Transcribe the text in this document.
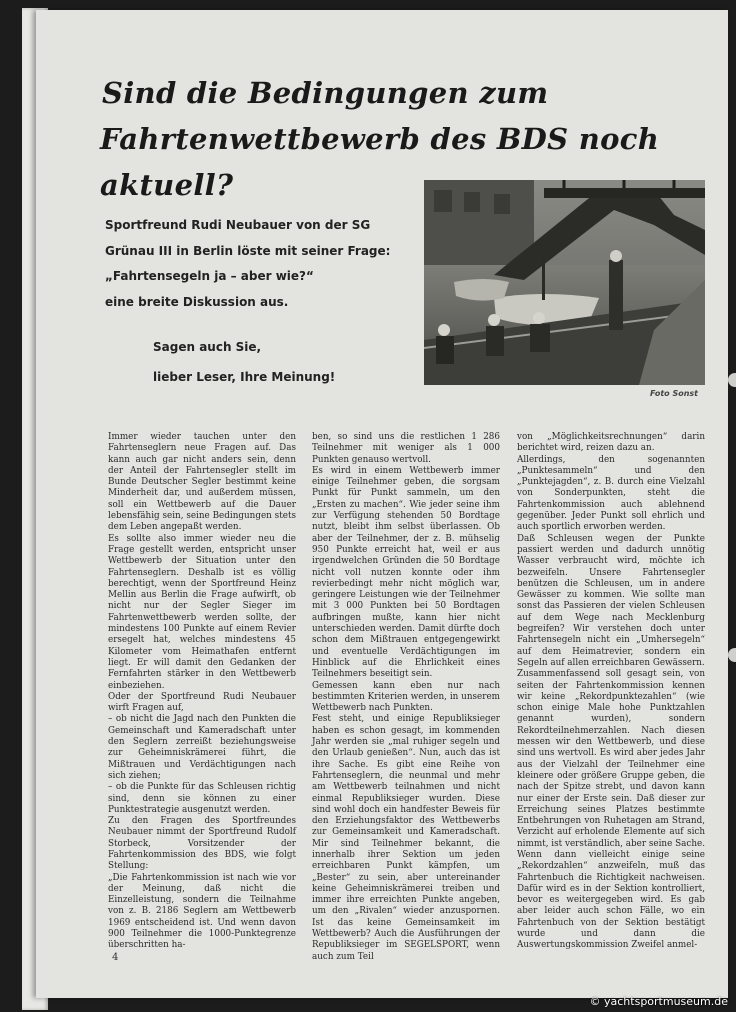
Sind die Bedingungen zum
Fahrtenwettbewerb des BDS noch aktuell?

Sportfreund Rudi Neubauer von der SG

Grünau III in Berlin löste mit seiner Frage:

„Fahrtensegeln ja – aber wie?“

eine breite Diskussion aus.

Sagen auch Sie,

lieber Leser, Ihre Meinung!

Foto Sonst

Immer wieder tauchen unter den Fahrtenseglern neue Fragen auf. Das kann auch gar nicht anders sein, denn der Anteil der Fahrtensegler stellt im Bunde Deutscher Segler bestimmt keine Minderheit dar, und außerdem müssen, soll ein Wettbewerb auf die Dauer lebensfähig sein, seine Bedingungen stets dem Leben angepaßt werden.

Es sollte also immer wieder neu die Frage gestellt werden, entspricht unser Wettbewerb der Situation unter den Fahrtenseglern. Deshalb ist es völlig berechtigt, wenn der Sportfreund Heinz Mellin aus Berlin die Frage aufwirft, ob nicht nur der Segler Sieger im Fahrtenwettbewerb werden sollte, der mindestens 100 Punkte auf einem Revier ersegelt hat, welches mindestens 45 Kilometer vom Heimathafen entfernt liegt. Er will damit den Gedanken der Fernfahrten stärker in den Wettbewerb einbeziehen.

Oder der Sportfreund Rudi Neubauer wirft Fragen auf,

– ob nicht die Jagd nach den Punkten die Gemeinschaft und Kameradschaft unter den Seglern zerreißt beziehungsweise zur Geheimniskrämerei führt, die Mißtrauen und Verdächtigungen nach sich ziehen;

– ob die Punkte für das Schleusen richtig sind, denn sie können zu einer Punktestrategie ausgenutzt werden.

Zu den Fragen des Sportfreundes Neubauer nimmt der Sportfreund Rudolf Storbeck, Vorsitzender der Fahrtenkommission des BDS, wie folgt Stellung:

„Die Fahrtenkommission ist nach wie vor der Meinung, daß nicht die Einzelleistung, sondern die Teilnahme von z. B. 2186 Seglern am Wettbewerb 1969 entscheidend ist. Und wenn davon 900 Teilnehmer die 1000-Punktegrenze überschritten ha-

ben, so sind uns die restlichen 1 286 Teilnehmer mit weniger als 1 000 Punkten genauso wertvoll.

Es wird in einem Wettbewerb immer einige Teilnehmer geben, die sorgsam Punkt für Punkt sammeln, um den „Ersten zu machen“. Wie jeder seine ihm zur Verfügung stehenden 50 Bordtage nutzt, bleibt ihm selbst überlassen. Ob aber der Teilnehmer, der z. B. mühselig 950 Punkte erreicht hat, weil er aus irgendwelchen Gründen die 50 Bordtage nicht voll nutzen konnte oder ihm revierbedingt mehr nicht möglich war, geringere Leistungen wie der Teilnehmer mit 3 000 Punkten bei 50 Bordtagen aufbringen mußte, kann hier nicht unterschieden werden. Damit dürfte doch schon dem Mißtrauen entgegengewirkt und eventuelle Verdächtigungen im Hinblick auf die Ehrlichkeit eines Teilnehmers beseitigt sein.

Gemessen kann eben nur nach bestimmten Kriterien werden, in unserem Wettbewerb nach Punkten.

Fest steht, und einige Republiksieger haben es schon gesagt, im kommenden Jahr werden sie „mal ruhiger segeln und den Urlaub genießen“. Nun, auch das ist ihre Sache. Es gibt eine Reihe von Fahrtenseglern, die neunmal und mehr am Wettbewerb teilnahmen und nicht einmal Republiksieger wurden. Diese sind wohl doch ein handfester Beweis für den Erziehungsfaktor des Wettbewerbs zur Gemeinsamkeit und Kameradschaft. Mir sind Teilnehmer bekannt, die innerhalb ihrer Sektion um jeden erreichbaren Punkt kämpfen, um „Bester“ zu sein, aber untereinander keine Geheimniskrämerei treiben und immer ihre erreichten Punkte angeben, um den „Rivalen“ wieder anzuspornen. Ist das keine Gemeinsamkeit im Wettbewerb? Auch die Ausführungen der Republiksieger im SEGELSPORT, wenn auch zum Teil

von „Möglichkeitsrechnungen“ darin berichtet wird, reizen dazu an.

Allerdings, den sogenannten „Punktesammeln“ und den „Punktejagden“, z. B. durch eine Vielzahl von Sonderpunkten, steht die Fahrtenkommission auch ablehnend gegenüber. Jeder Punkt soll ehrlich und auch sportlich erworben werden.

Daß Schleusen wegen der Punkte passiert werden und dadurch unnötig Wasser verbraucht wird, möchte ich bezweifeln. Unsere Fahrtensegler benützen die Schleusen, um in andere Gewässer zu kommen. Wie sollte man sonst das Passieren der vielen Schleusen auf dem Wege nach Mecklenburg begreifen? Wir verstehen doch unter Fahrtensegeln nicht ein „Umhersegeln“ auf dem Heimatrevier, sondern ein Segeln auf allen erreichbaren Gewässern.

Zusammenfassend soll gesagt sein, von seiten der Fahrtenkommission kennen wir keine „Rekordpunktezahlen“ (wie schon einige Male hohe Punktzahlen genannt wurden), sondern Rekordteilnehmerzahlen. Nach diesen messen wir den Wettbewerb, und diese sind uns wertvoll. Es wird aber jedes Jahr aus der Vielzahl der Teilnehmer eine kleinere oder größere Gruppe geben, die nach der Spitze strebt, und davon kann nur einer der Erste sein. Daß dieser zur Erreichung seines Platzes bestimmte Entbehrungen von Ruhetagen am Strand, Verzicht auf erholende Elemente auf sich nimmt, ist verständlich, aber seine Sache. Wenn dann vielleicht einige seine „Rekordzahlen“ anzweifeln, muß das Fahrtenbuch die Richtigkeit nachweisen. Dafür wird es in der Sektion kontrolliert, bevor es weitergegeben wird. Es gab aber leider auch schon Fälle, wo ein Fahrtenbuch von der Sektion bestätigt wurde und dann die Auswertungskommission Zweifel anmel-

4
© yachtsportmuseum.de
